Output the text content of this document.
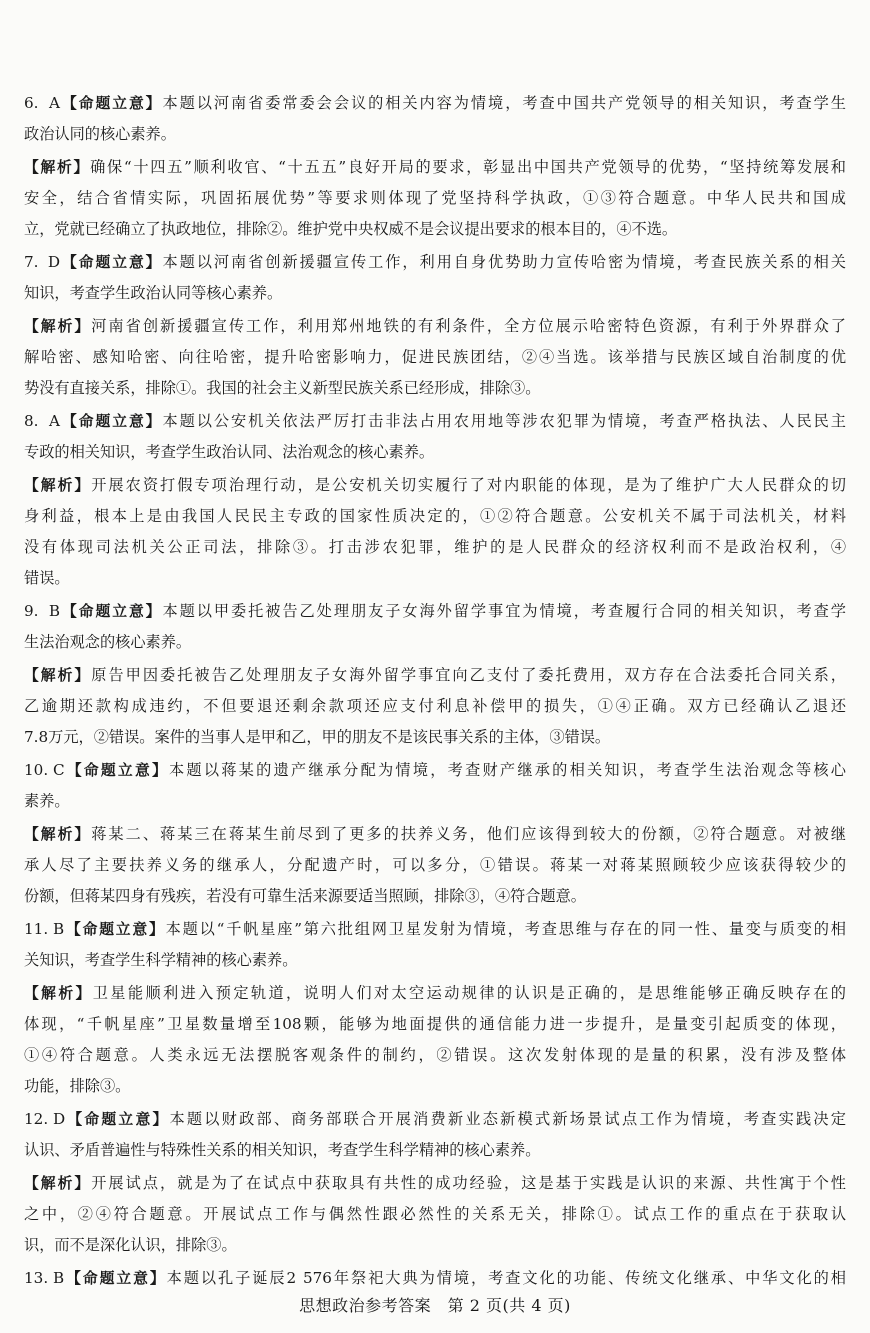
6. A【命题立意】本题以河南省委常委会会议的相关内容为情境，考查中国共产党领导的相关知识，考查学生
政治认同的核心素养。
【解析】确保“十四五”顺利收官、“十五五”良好开局的要求，彰显出中国共产党领导的优势，“坚持统筹发展和
安全，结合省情实际，巩固拓展优势”等要求则体现了党坚持科学执政，①③符合题意。中华人民共和国成
立，党就已经确立了执政地位，排除②。维护党中央权威不是会议提出要求的根本目的，④不选。
7. D【命题立意】本题以河南省创新援疆宣传工作，利用自身优势助力宣传哈密为情境，考查民族关系的相关
知识，考查学生政治认同等核心素养。
【解析】河南省创新援疆宣传工作，利用郑州地铁的有利条件，全方位展示哈密特色资源，有利于外界群众了
解哈密、感知哈密、向往哈密，提升哈密影响力，促进民族团结，②④当选。该举措与民族区域自治制度的优
势没有直接关系，排除①。我国的社会主义新型民族关系已经形成，排除③。
8. A【命题立意】本题以公安机关依法严厉打击非法占用农用地等涉农犯罪为情境，考查严格执法、人民民主
专政的相关知识，考查学生政治认同、法治观念的核心素养。
【解析】开展农资打假专项治理行动，是公安机关切实履行了对内职能的体现，是为了维护广大人民群众的切
身利益，根本上是由我国人民民主专政的国家性质决定的，①②符合题意。公安机关不属于司法机关，材料
没有体现司法机关公正司法，排除③。打击涉农犯罪，维护的是人民群众的经济权利而不是政治权利，④
错误。
9. B【命题立意】本题以甲委托被告乙处理朋友子女海外留学事宜为情境，考查履行合同的相关知识，考查学
生法治观念的核心素养。
【解析】原告甲因委托被告乙处理朋友子女海外留学事宜向乙支付了委托费用，双方存在合法委托合同关系，
乙逾期还款构成违约，不但要退还剩余款项还应支付利息补偿甲的损失，①④正确。双方已经确认乙退还
7.8万元，②错误。案件的当事人是甲和乙，甲的朋友不是该民事关系的主体，③错误。
10. C【命题立意】本题以蒋某的遗产继承分配为情境，考查财产继承的相关知识，考查学生法治观念等核心
素养。
【解析】蒋某二、蒋某三在蒋某生前尽到了更多的扶养义务，他们应该得到较大的份额，②符合题意。对被继
承人尽了主要扶养义务的继承人，分配遗产时，可以多分，①错误。蒋某一对蒋某照顾较少应该获得较少的
份额，但蒋某四身有残疾，若没有可靠生活来源要适当照顾，排除③，④符合题意。
11. B【命题立意】本题以“千帆星座”第六批组网卫星发射为情境，考查思维与存在的同一性、量变与质变的相
关知识，考查学生科学精神的核心素养。
【解析】卫星能顺利进入预定轨道，说明人们对太空运动规律的认识是正确的，是思维能够正确反映存在的
体现，“千帆星座”卫星数量增至108颗，能够为地面提供的通信能力进一步提升，是量变引起质变的体现，
①④符合题意。人类永远无法摆脱客观条件的制约，②错误。这次发射体现的是量的积累，没有涉及整体
功能，排除③。
12. D【命题立意】本题以财政部、商务部联合开展消费新业态新模式新场景试点工作为情境，考查实践决定
认识、矛盾普遍性与特殊性关系的相关知识，考查学生科学精神的核心素养。
【解析】开展试点，就是为了在试点中获取具有共性的成功经验，这是基于实践是认识的来源、共性寓于个性
之中，②④符合题意。开展试点工作与偶然性跟必然性的关系无关，排除①。试点工作的重点在于获取认
识，而不是深化认识，排除③。
13. B【命题立意】本题以孔子诞辰2 576年祭祀大典为情境，考查文化的功能、传统文化继承、中华文化的相
思想政治参考答案　第 2 页(共 4 页)
